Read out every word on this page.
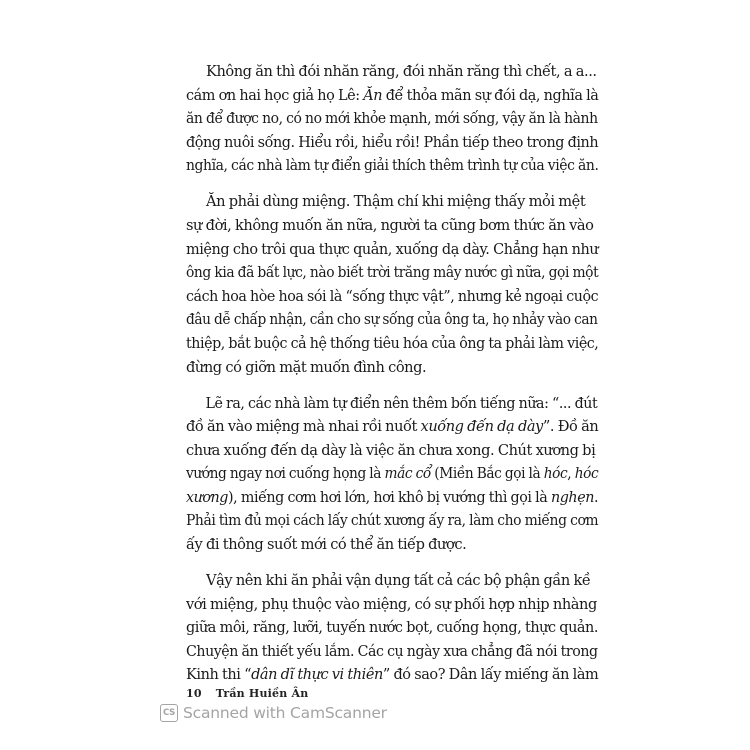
Không ăn thì đói nhăn răng, đói nhăn răng thì chết, a a...
cám ơn hai học giả họ Lê: Ăn để thỏa mãn sự đói dạ, nghĩa là
ăn để được no, có no mới khỏe mạnh, mới sống, vậy ăn là hành
động nuôi sống. Hiểu rồi, hiểu rồi! Phần tiếp theo trong định
nghĩa, các nhà làm tự điển giải thích thêm trình tự của việc ăn.
Ăn phải dùng miệng. Thậm chí khi miệng thấy mỏi mệt
sự đời, không muốn ăn nữa, người ta cũng bơm thức ăn vào
miệng cho trôi qua thực quản, xuống dạ dày. Chẳng hạn như
ông kia đã bất lực, nào biết trời trăng mây nước gì nữa, gọi một
cách hoa hòe hoa sói là “sống thực vật”, nhưng kẻ ngoại cuộc
đâu dễ chấp nhận, cần cho sự sống của ông ta, họ nhảy vào can
thiệp, bắt buộc cả hệ thống tiêu hóa của ông ta phải làm việc,
đừng có giỡn mặt muốn đình công.
Lẽ ra, các nhà làm tự điển nên thêm bốn tiếng nữa: “... đút
đồ ăn vào miệng mà nhai rồi nuốt xuống đến dạ dày”. Đồ ăn
chưa xuống đến dạ dày là việc ăn chưa xong. Chút xương bị
vướng ngay nơi cuống họng là mắc cổ (Miền Bắc gọi là hóc, hóc
xương), miếng cơm hơi lớn, hơi khô bị vướng thì gọi là nghẹn.
Phải tìm đủ mọi cách lấy chút xương ấy ra, làm cho miếng cơm
ấy đi thông suốt mới có thể ăn tiếp được.
Vậy nên khi ăn phải vận dụng tất cả các bộ phận gần kề
với miệng, phụ thuộc vào miệng, có sự phối hợp nhịp nhàng
giữa môi, răng, lưỡi, tuyến nước bọt, cuống họng, thực quản.
Chuyện ăn thiết yếu lắm. Các cụ ngày xưa chẳng đã nói trong
Kinh thi “dân dĩ thực vi thiên” đó sao? Dân lấy miếng ăn làm
10 Trần Huiền Ân
CS Scanned with CamScanner
